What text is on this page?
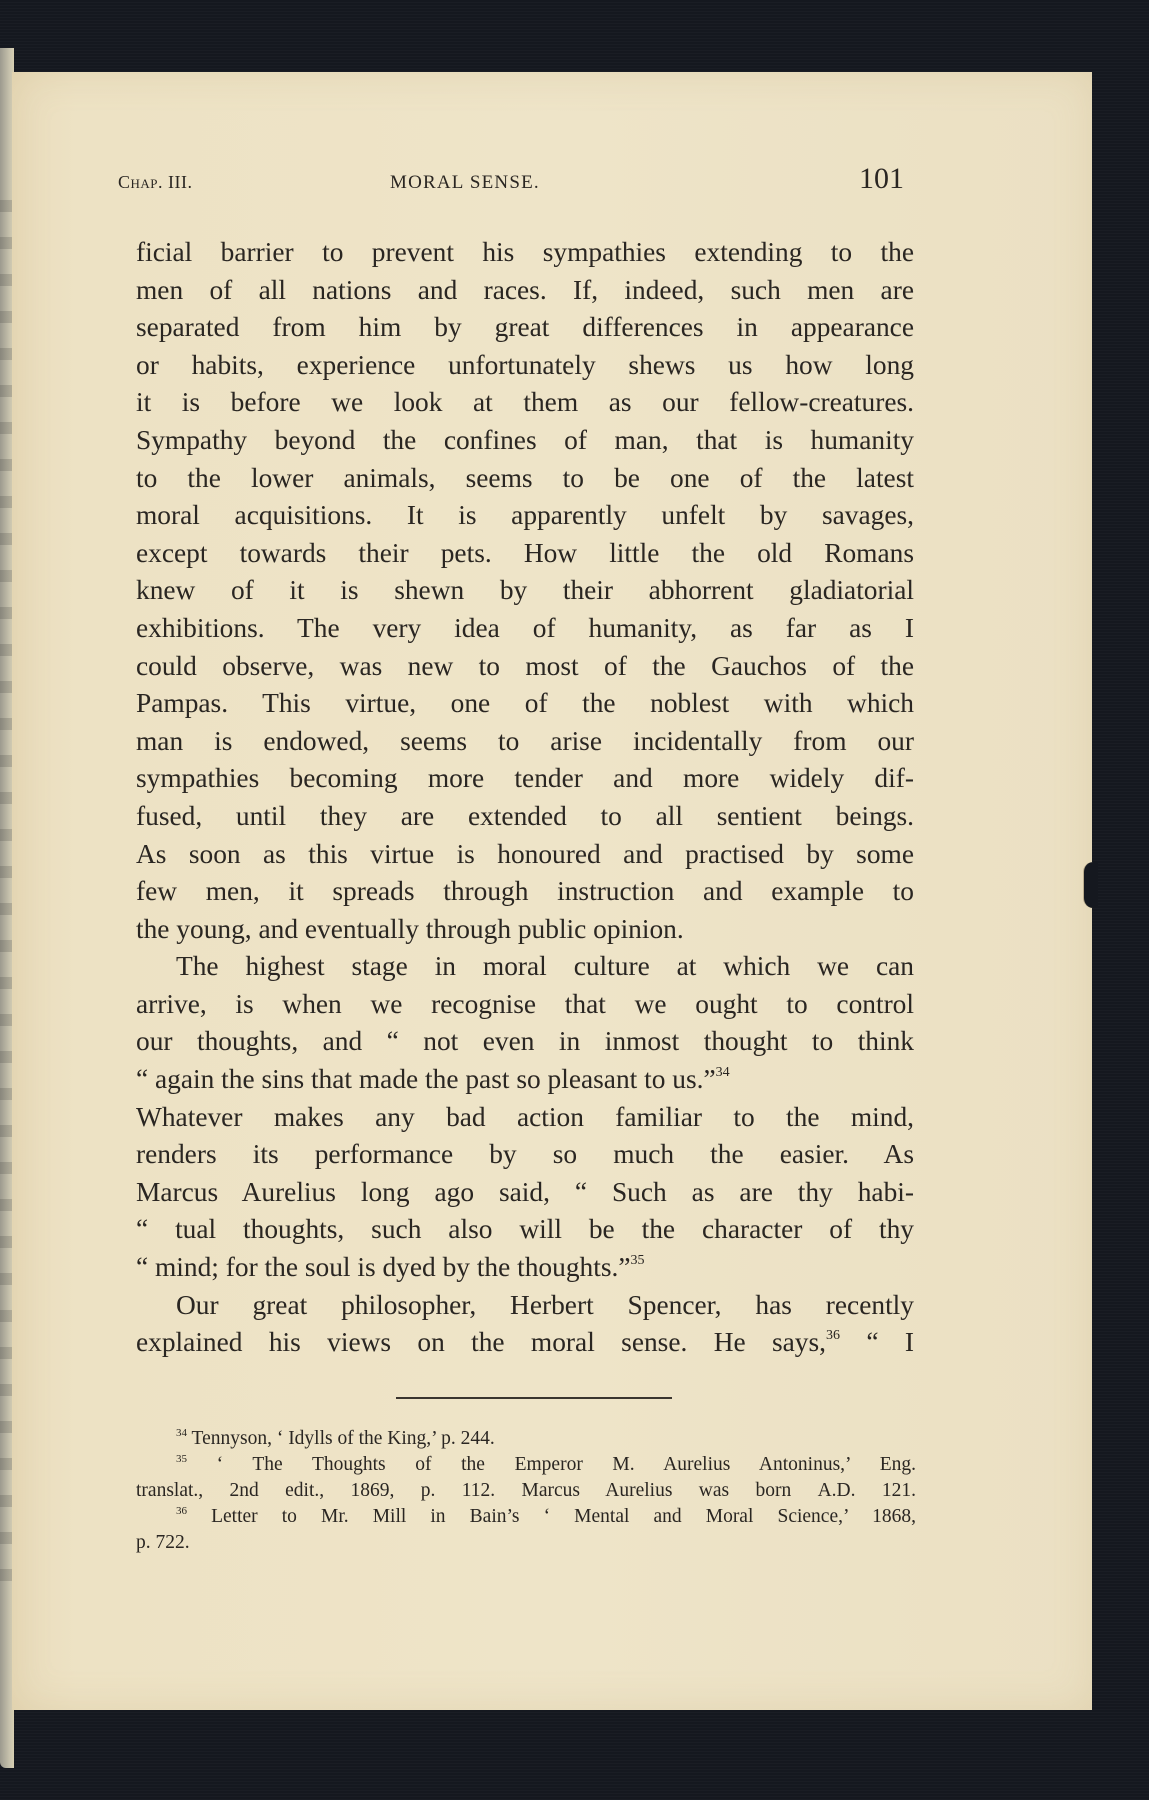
Chap. III.	MORAL SENSE.	101
ficial barrier to prevent his sympathies extending to the
men of all nations and races. If, indeed, such men are
separated from him by great differences in appearance
or habits, experience unfortunately shews us how long
it is before we look at them as our fellow-creatures.
Sympathy beyond the confines of man, that is humanity
to the lower animals, seems to be one of the latest
moral acquisitions. It is apparently unfelt by savages,
except towards their pets. How little the old Romans
knew of it is shewn by their abhorrent gladiatorial
exhibitions. The very idea of humanity, as far as I
could observe, was new to most of the Gauchos of the
Pampas. This virtue, one of the noblest with which
man is endowed, seems to arise incidentally from our
sympathies becoming more tender and more widely dif-
fused, until they are extended to all sentient beings.
As soon as this virtue is honoured and practised by some
few men, it spreads through instruction and example to
the young, and eventually through public opinion.
The highest stage in moral culture at which we can
arrive, is when we recognise that we ought to control
our thoughts, and “ not even in inmost thought to think
“ again the sins that made the past so pleasant to us.”$^{34}$
Whatever makes any bad action familiar to the mind,
renders its performance by so much the easier. As
Marcus Aurelius long ago said, “ Such as are thy habi-
“ tual thoughts, such also will be the character of thy
“ mind; for the soul is dyed by the thoughts.”$^{35}$
Our great philosopher, Herbert Spencer, has recently
explained his views on the moral sense. He says,$^{36}$ “ I
$^{34}$ Tennyson, ‘ Idylls of the King,’ p. 244.
$^{35}$ ‘ The Thoughts of the Emperor M. Aurelius Antoninus,’ Eng.
translat., 2nd edit., 1869, p. 112. Marcus Aurelius was born A.D. 121.
$^{36}$ Letter to Mr. Mill in Bain’s ‘ Mental and Moral Science,’ 1868,
p. 722.
